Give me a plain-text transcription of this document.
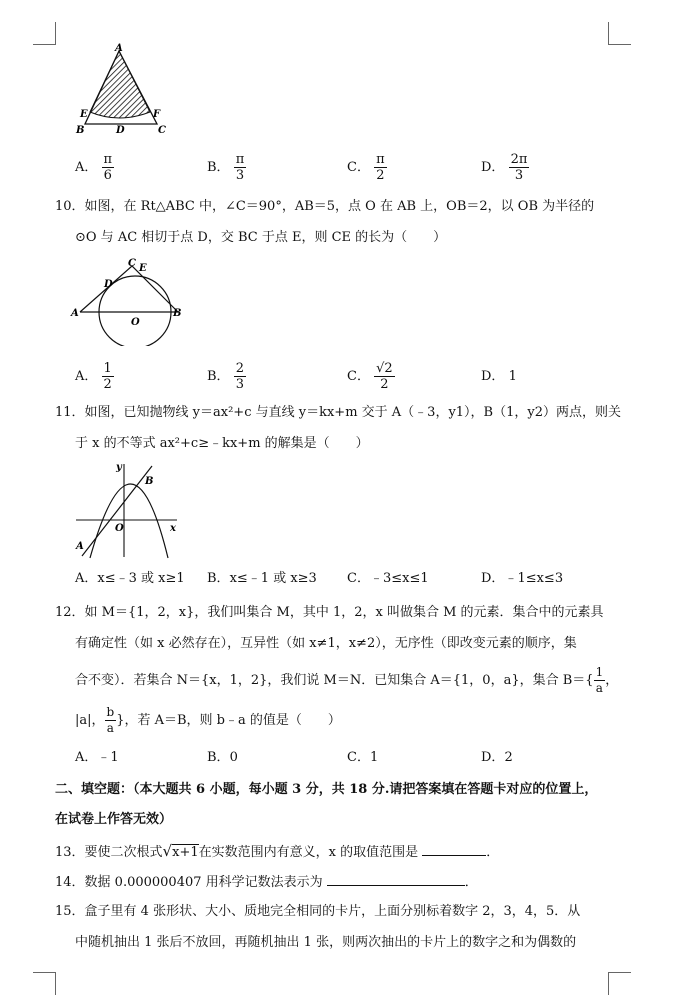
A
E	F
B	D	C
A． $\frac{\pi}{6}$	B． $\frac{\pi}{3}$	C． $\frac{\pi}{2}$	D． $\frac{2\pi}{3}$
10．如图，在 Rt△ABC 中，∠C＝90°，AB＝5，点 O 在 AB 上，OB＝2，以 OB 为半径的
⊙O 与 AC 相切于点 D，交 BC 于点 E，则 CE 的长为（　　）
C E
D
A
O
B
A． $\frac{1}{2}$	B． $\frac{2}{3}$	C． $\frac{√2}{2}$	D． 1
11．如图，已知抛物线 y＝ax²+c 与直线 y＝kx+m 交于 A（﹣3，y1），B（1，y2）两点，则关
于 x 的不等式 ax²+c≥﹣kx+m 的解集是（　　）
y
B
O	x
A
A．x≤﹣3 或 x≥1 B．x≤﹣1 或 x≥3 C．﹣3≤x≤1	D．﹣1≤x≤3
12．如 M＝{1，2，x}，我们叫集合 M，其中 1，2，x 叫做集合 M 的元素．集合中的元素具
有确定性（如 x 必然存在），互异性（如 x≠1，x≠2），无序性（即改变元素的顺序，集
合不变）．若集合 N＝{x，1，2}，我们说 M＝N．已知集合 A＝{1，0，a}，集合 $B=\{ \frac{1}{a}$ ，
|a|， $\frac{b}{a}$ }，若 A＝B，则 b﹣a 的值是（　　）
A．﹣1	B．0	C．1	D．2
二、填空题：（本大题共 6 小题，每小题 3 分，共 18 分.请把答案填在答题卡对应的位置上，
在试卷上作答无效）
13．要使二次根式√x+1在实数范围内有意义，x 的取值范围是	．
14．数据 0.000000407 用科学记数法表示为	．
15．盒子里有 4 张形状、大小、质地完全相同的卡片，上面分别标着数字 2，3，4，5．从
中随机抽出 1 张后不放回，再随机抽出 1 张，则两次抽出的卡片上的数字之和为偶数的
